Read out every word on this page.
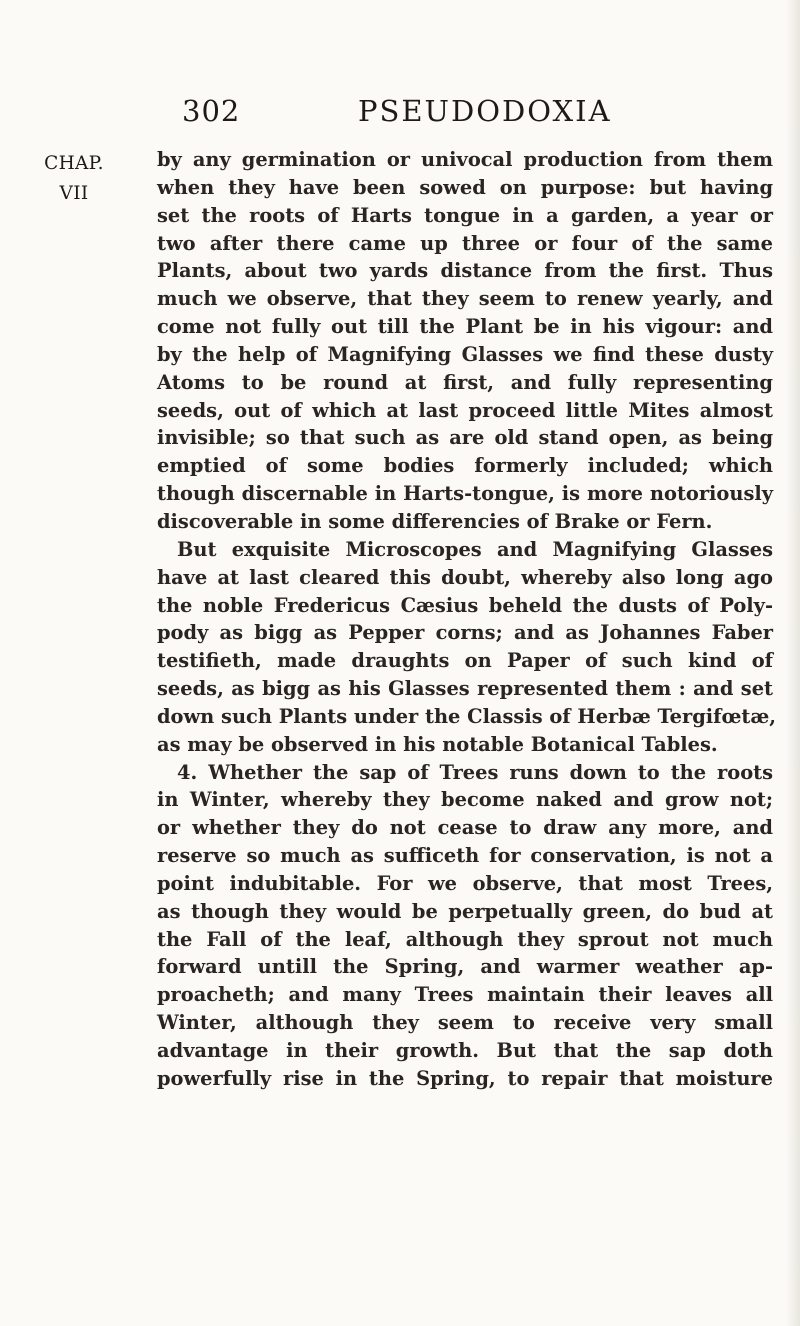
302	PSEUDODOXIA
CHAP.
VII
by any germination or univocal production from them
when they have been sowed on purpose: but having
set the roots of Harts tongue in a garden, a year or
two after there came up three or four of the same
Plants, about two yards distance from the first. Thus
much we observe, that they seem to renew yearly, and
come not fully out till the Plant be in his vigour: and
by the help of Magnifying Glasses we find these dusty
Atoms to be round at first, and fully representing
seeds, out of which at last proceed little Mites almost
invisible; so that such as are old stand open, as being
emptied of some bodies formerly included; which
though discernable in Harts-tongue, is more notoriously
discoverable in some differencies of Brake or Fern.
But exquisite Microscopes and Magnifying Glasses
have at last cleared this doubt, whereby also long ago
the noble Fredericus Cæsius beheld the dusts of Poly-
pody as bigg as Pepper corns; and as Johannes Faber
testifieth, made draughts on Paper of such kind of
seeds, as bigg as his Glasses represented them : and set
down such Plants under the Classis of Herbæ Tergifœtæ,
as may be observed in his notable Botanical Tables.
4. Whether the sap of Trees runs down to the roots
in Winter, whereby they become naked and grow not;
or whether they do not cease to draw any more, and
reserve so much as sufficeth for conservation, is not a
point indubitable. For we observe, that most Trees,
as though they would be perpetually green, do bud at
the Fall of the leaf, although they sprout not much
forward untill the Spring, and warmer weather ap-
proacheth; and many Trees maintain their leaves all
Winter, although they seem to receive very small
advantage in their growth. But that the sap doth
powerfully rise in the Spring, to repair that moisture
